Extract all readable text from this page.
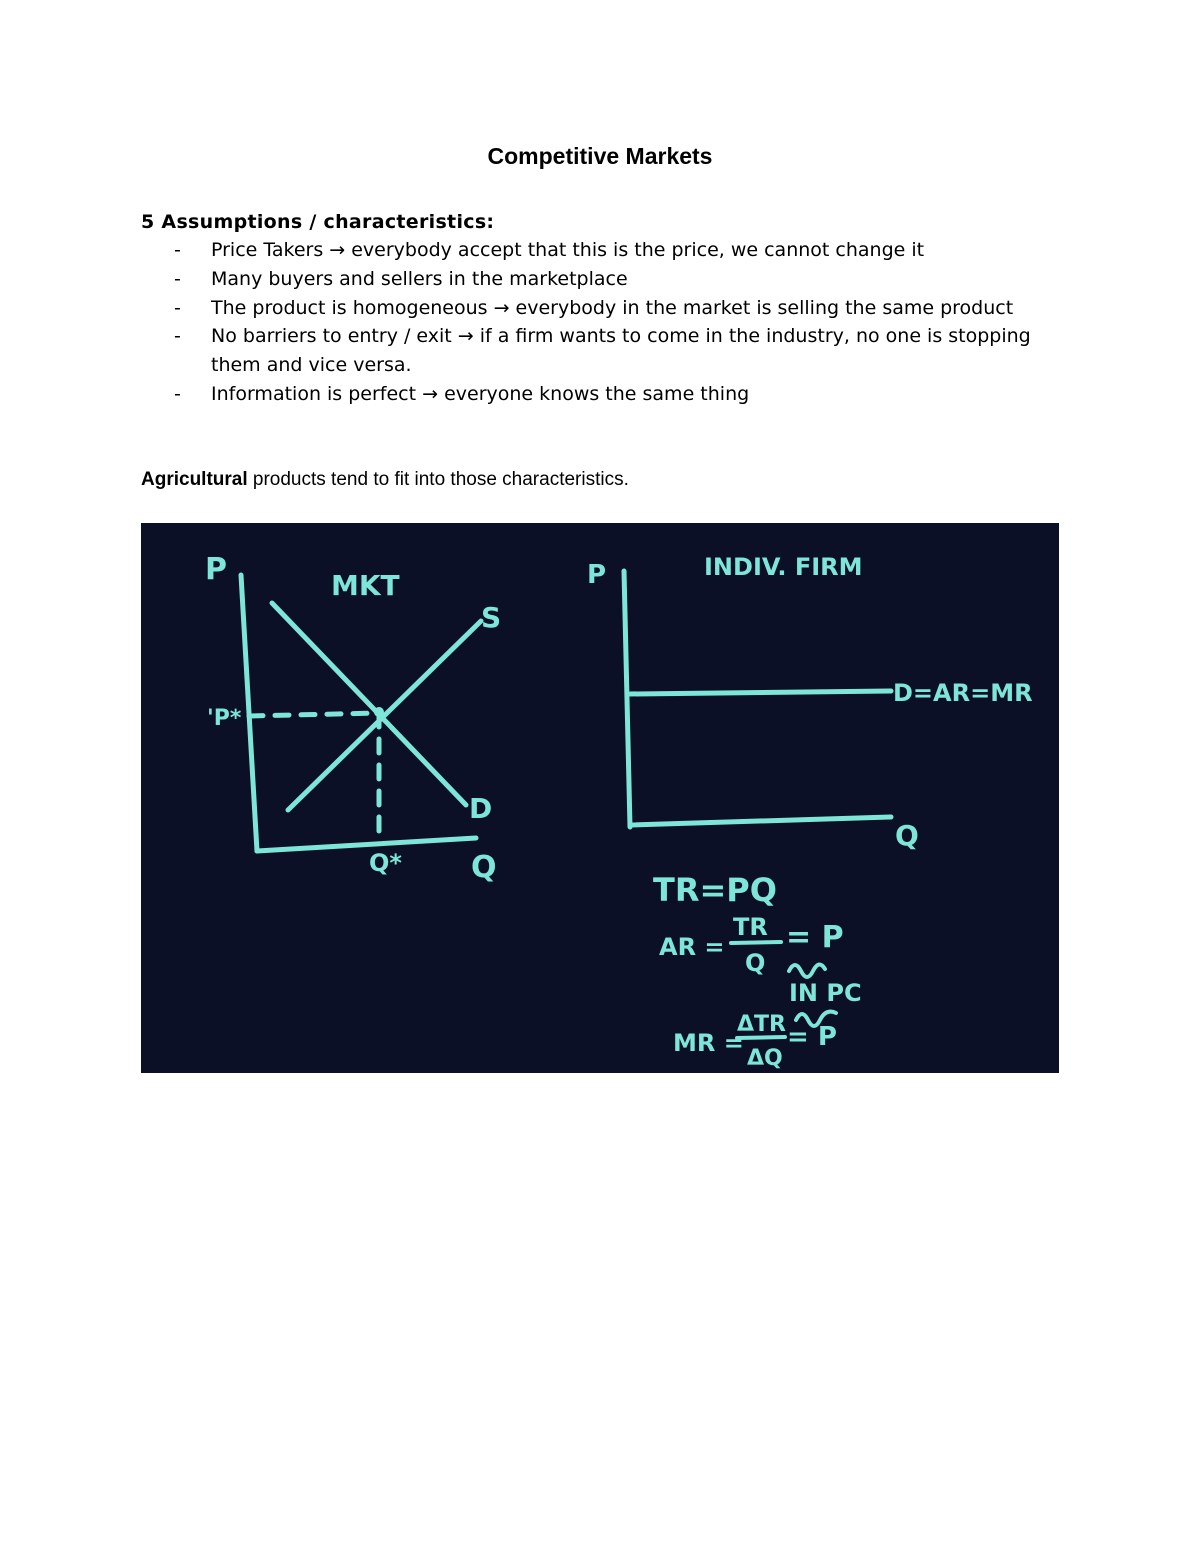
Competitive Markets
5 Assumptions / characteristics:
- Price Takers → everybody accept that this is the price, we cannot change it
- Many buyers and sellers in the marketplace
- The product is homogeneous → everybody in the market is selling the same product
- No barriers to entry / exit → if a firm wants to come in the industry, no one is stopping them and vice versa.
- Information is perfect → everyone knows the same thing
Agricultural products tend to fit into those characteristics.
P	MKT
S
'P*
D
Q* Q
P	INDIV. FIRM
D=AR=MR
Q
TR=PQ
AR =
TR
Q
= P
IN PC
MR =
ΔTR
ΔQ
= P
